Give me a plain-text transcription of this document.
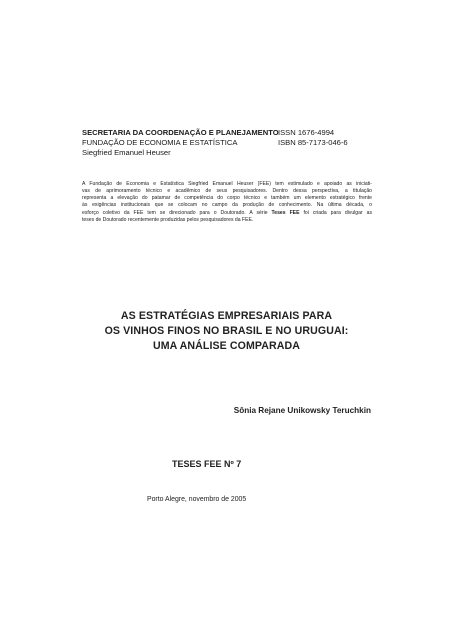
SECRETARIA DA COORDENAÇÃO E PLANEJAMENTO
FUNDAÇÃO DE ECONOMIA E ESTATÍSTICA
Siegfried Emanuel Heuser
ISSN 1676-4994
ISBN 85-7173-046-6
A Fundação de Economia e Estatística Siegfried Emanuel Heuser (FEE) tem estimulado e apoiado as iniciati-
vas de aprimoramento técnico e acadêmico de seus pesquisadores. Dentro dessa perspectiva, a titulação
representa a elevação do patamar de competência do corpo técnico e também um elemento estratégico frente
às exigências institucionais que se colocam no campo da produção de conhecimento. Na última década, o
esforço coletivo da FEE tem se direcionado para o Doutorado. A série Teses FEE foi criada para divulgar as
teses de Doutorado recentemente produzidas pelos pesquisadores da FEE.
AS ESTRATÉGIAS EMPRESARIAIS PARA
OS VINHOS FINOS NO BRASIL E NO URUGUAI:
UMA ANÁLISE COMPARADA
Sônia Rejane Unikowsky Teruchkin
TESES FEE Nº 7
Porto Alegre, novembro de 2005
